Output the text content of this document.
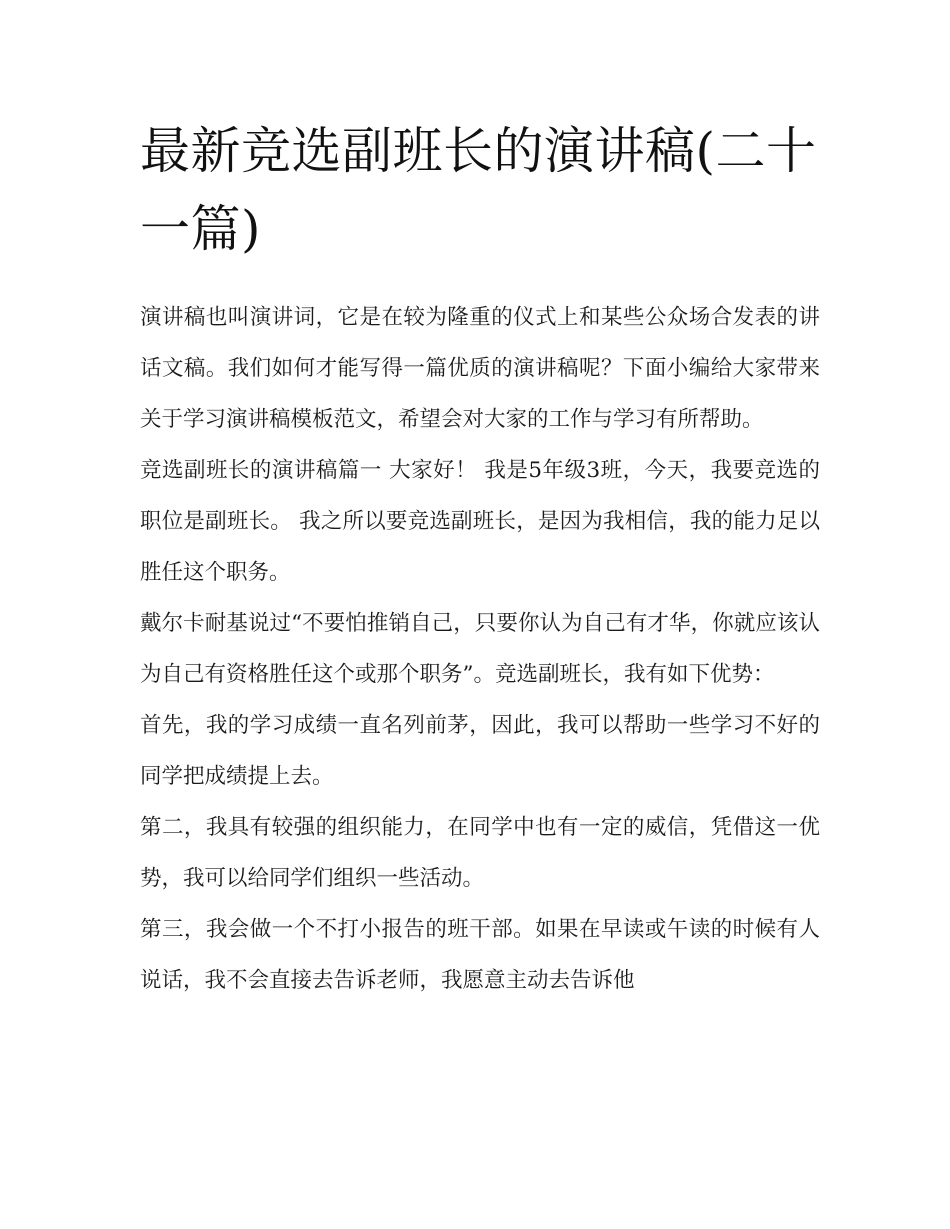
最新竞选副班长的演讲稿(二十一篇)

演讲稿也叫演讲词，它是在较为隆重的仪式上和某些公众场合发表的讲话文稿。我们如何才能写得一篇优质的演讲稿呢？下面小编给大家带来关于学习演讲稿模板范文，希望会对大家的工作与学习有所帮助。

竞选副班长的演讲稿篇一 大家好！ 我是5年级3班，今天，我要竞选的职位是副班长。 我之所以要竞选副班长，是因为我相信，我的能力足以胜任这个职务。

戴尔卡耐基说过“不要怕推销自己，只要你认为自己有才华，你就应该认为自己有资格胜任这个或那个职务”。竞选副班长，我有如下优势：

首先，我的学习成绩一直名列前茅，因此，我可以帮助一些学习不好的同学把成绩提上去。

第二，我具有较强的组织能力，在同学中也有一定的威信，凭借这一优势，我可以给同学们组织一些活动。

第三，我会做一个不打小报告的班干部。如果在早读或午读的时候有人说话，我不会直接去告诉老师，我愿意主动去告诉他
